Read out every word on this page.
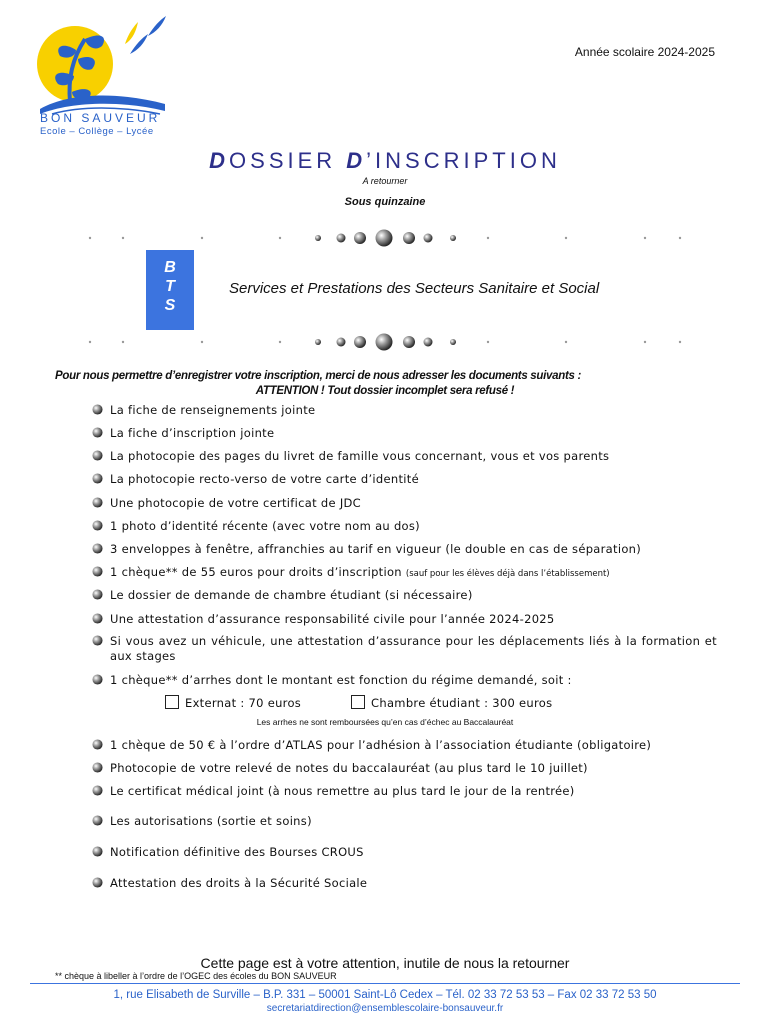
BON SAUVEUR
Ecole – Collège – Lycée
Année scolaire 2024-2025
DOSSIER D’INSCRIPTION
A retourner
Sous quinzaine
B
T
S
Services et Prestations des Secteurs Sanitaire et Social
Pour nous permettre d’enregistrer votre inscription, merci de nous adresser les documents suivants :
ATTENTION ! Tout dossier incomplet sera refusé !
La fiche de renseignements jointe
La fiche d’inscription jointe
La photocopie des pages du livret de famille vous concernant, vous et vos parents
La photocopie recto-verso de votre carte d’identité
Une photocopie de votre certificat de JDC
1 photo d’identité récente (avec votre nom au dos)
3 enveloppes à fenêtre, affranchies au tarif en vigueur (le double en cas de séparation)
1 chèque** de 55 euros pour droits d’inscription (sauf pour les élèves déjà dans l’établissement)
Le dossier de demande de chambre étudiant (si nécessaire)
Une attestation d’assurance responsabilité civile pour l’année 2024-2025
Si vous avez un véhicule, une attestation d’assurance pour les déplacements liés à la formation et aux stages
1 chèque** d’arrhes dont le montant est fonction du régime demandé, soit :
Externat : 70 euros	Chambre étudiant : 300 euros
Les arrhes ne sont remboursées qu’en cas d’échec au Baccalauréat
1 chèque de 50 € à l’ordre d’ATLAS pour l’adhésion à l’association étudiante (obligatoire)
Photocopie de votre relevé de notes du baccalauréat (au plus tard le 10 juillet)
Le certificat médical joint (à nous remettre au plus tard le jour de la rentrée)
Les autorisations (sortie et soins)
Notification définitive des Bourses CROUS
Attestation des droits à la Sécurité Sociale
Cette page est à votre attention, inutile de nous la retourner
** chèque à libeller à l’ordre de l’OGEC des écoles du BON SAUVEUR
1, rue Elisabeth de Surville – B.P. 331 – 50001 Saint-Lô Cedex – Tél. 02 33 72 53 53 – Fax 02 33 72 53 50
secretariatdirection@ensemblescolaire-bonsauveur.fr
